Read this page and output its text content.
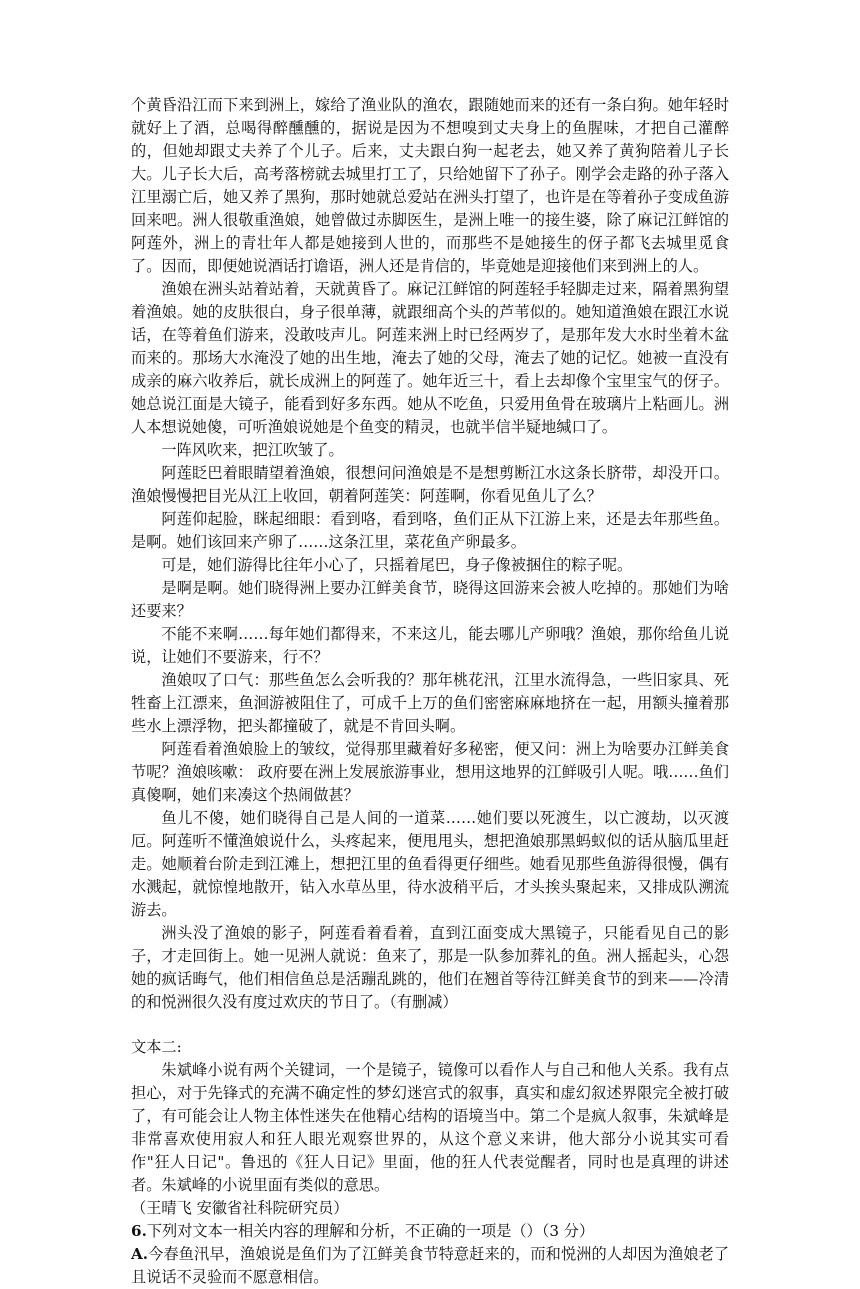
个黄昏沿江而下来到洲上，嫁给了渔业队的渔农，跟随她而来的还有一条白狗。她年轻时就好上了酒，总喝得醉醺醺的，据说是因为不想嗅到丈夫身上的鱼腥味，才把自己灌醉的，但她却跟丈夫养了个儿子。后来，丈夫跟白狗一起老去，她又养了黄狗陪着儿子长大。儿子长大后，高考落榜就去城里打工了，只给她留下了孙子。刚学会走路的孙子落入江里溺亡后，她又养了黑狗，那时她就总爱站在洲头打望了，也许是在等着孙子变成鱼游回来吧。洲人很敬重渔娘，她曾做过赤脚医生，是洲上唯一的接生婆，除了麻记江鲜馆的阿莲外，洲上的青壮年人都是她接到人世的，而那些不是她接生的伢子都飞去城里觅食了。因而，即便她说酒话打谵语，洲人还是肯信的，毕竟她是迎接他们来到洲上的人。

渔娘在洲头站着站着，天就黄昏了。麻记江鲜馆的阿莲轻手轻脚走过来，隔着黑狗望着渔娘。她的皮肤很白，身子很单薄，就跟细高个头的芦苇似的。她知道渔娘在跟江水说话，在等着鱼们游来，没敢吱声儿。阿莲来洲上时已经两岁了，是那年发大水时坐着木盆而来的。那场大水淹没了她的出生地，淹去了她的父母，淹去了她的记忆。她被一直没有成亲的麻六收养后，就长成洲上的阿莲了。她年近三十，看上去却像个宝里宝气的伢子。她总说江面是大镜子，能看到好多东西。她从不吃鱼，只爱用鱼骨在玻璃片上粘画儿。洲人本想说她傻，可听渔娘说她是个鱼变的精灵，也就半信半疑地缄口了。

一阵风吹来，把江吹皱了。

阿莲眨巴着眼睛望着渔娘，很想问问渔娘是不是想剪断江水这条长脐带，却没开口。渔娘慢慢把目光从江上收回，朝着阿莲笑：阿莲啊，你看见鱼儿了么？

阿莲仰起脸，眯起细眼：看到咯，看到咯，鱼们正从下江游上来，还是去年那些鱼。是啊。她们该回来产卵了……这条江里，菜花鱼产卵最多。

可是，她们游得比往年小心了，只摇着尾巴，身子像被捆住的粽子呢。

是啊是啊。她们晓得洲上要办江鲜美食节，晓得这回游来会被人吃掉的。那她们为啥还要来？

不能不来啊……每年她们都得来，不来这儿，能去哪儿产卵哦？渔娘，那你给鱼儿说说，让她们不要游来，行不？

渔娘叹了口气：那些鱼怎么会听我的？那年桃花汛，江里水流得急，一些旧家具、死牲畜上江漂来，鱼洄游被阻住了，可成千上万的鱼们密密麻麻地挤在一起，用额头撞着那些水上漂浮物，把头都撞破了，就是不肯回头啊。

阿莲看着渔娘脸上的皱纹，觉得那里藏着好多秘密，便又问：洲上为啥要办江鲜美食节呢？渔娘咳嗽： 政府要在洲上发展旅游事业，想用这地界的江鲜吸引人呢。哦……鱼们真傻啊，她们来凑这个热闹做甚？

鱼儿不傻，她们晓得自己是人间的一道菜……她们要以死渡生，以亡渡劫，以灭渡厄。阿莲听不懂渔娘说什么，头疼起来，便甩甩头，想把渔娘那黑蚂蚁似的话从脑瓜里赶走。她顺着台阶走到江滩上，想把江里的鱼看得更仔细些。她看见那些鱼游得很慢，偶有水溅起，就惊惶地散开，钻入水草丛里，待水波稍平后，才头挨头聚起来，又排成队溯流游去。

洲头没了渔娘的影子，阿莲看着看着，直到江面变成大黑镜子，只能看见自己的影子，才走回街上。她一见洲人就说：鱼来了，那是一队参加葬礼的鱼。洲人摇起头，心怨她的疯话晦气，他们相信鱼总是活蹦乱跳的，他们在翘首等待江鲜美食节的到来——冷清的和悦洲很久没有度过欢庆的节日了。（有删减）

文本二:

朱斌峰小说有两个关键词，一个是镜子，镜像可以看作人与自己和他人关系。我有点担心，对于先锋式的充满不确定性的梦幻迷宫式的叙事，真实和虚幻叙述界限完全被打破了，有可能会让人物主体性迷失在他精心结构的语境当中。第二个是疯人叙事，朱斌峰是非常喜欢使用寂人和狂人眼光观察世界的，从这个意义来讲，他大部分小说其实可看作"狂人日记"。鲁迅的《狂人日记》里面，他的狂人代表觉醒者，同时也是真理的讲述者。朱斌峰的小说里面有类似的意思。

（王晴飞 安徽省社科院研究员）

6.下列对文本一相关内容的理解和分析，不正确的一项是（）（3 分）

A.今春鱼汛早，渔娘说是鱼们为了江鲜美食节特意赶来的，而和悦洲的人却因为渔娘老了且说话不灵验而不愿意相信。
